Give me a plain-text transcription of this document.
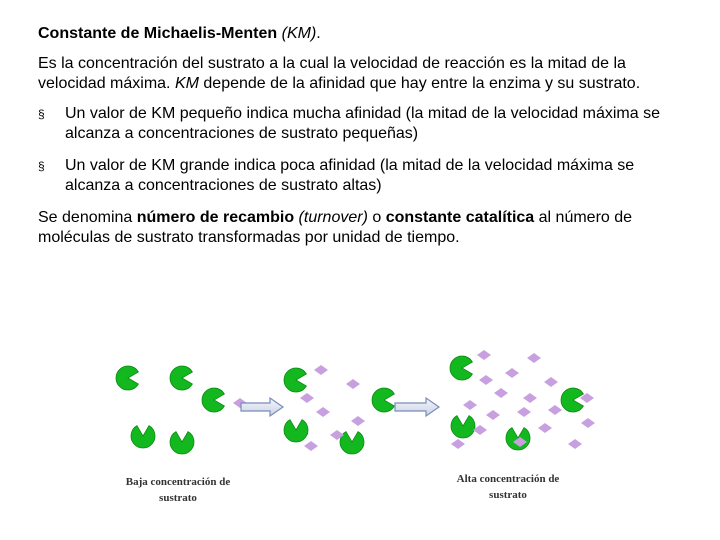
Constante de Michaelis-Menten (KM).

Es la concentración del sustrato a la cual la velocidad de reacción es la mitad de la velocidad máxima. KM depende de la afinidad que hay entre la enzima y su sustrato.

§ Un valor de KM pequeño indica mucha afinidad (la mitad de la velocidad máxima se alcanza a concentraciones de sustrato pequeñas)
§ Un valor de KM grande indica poca afinidad (la mitad de la velocidad máxima se alcanza a concentraciones de sustrato altas)

Se denomina número de recambio (turnover) o constante catalítica al número de moléculas de sustrato transformadas por unidad de tiempo.

Baja concentración de
sustrato
Alta concentración de
sustrato
